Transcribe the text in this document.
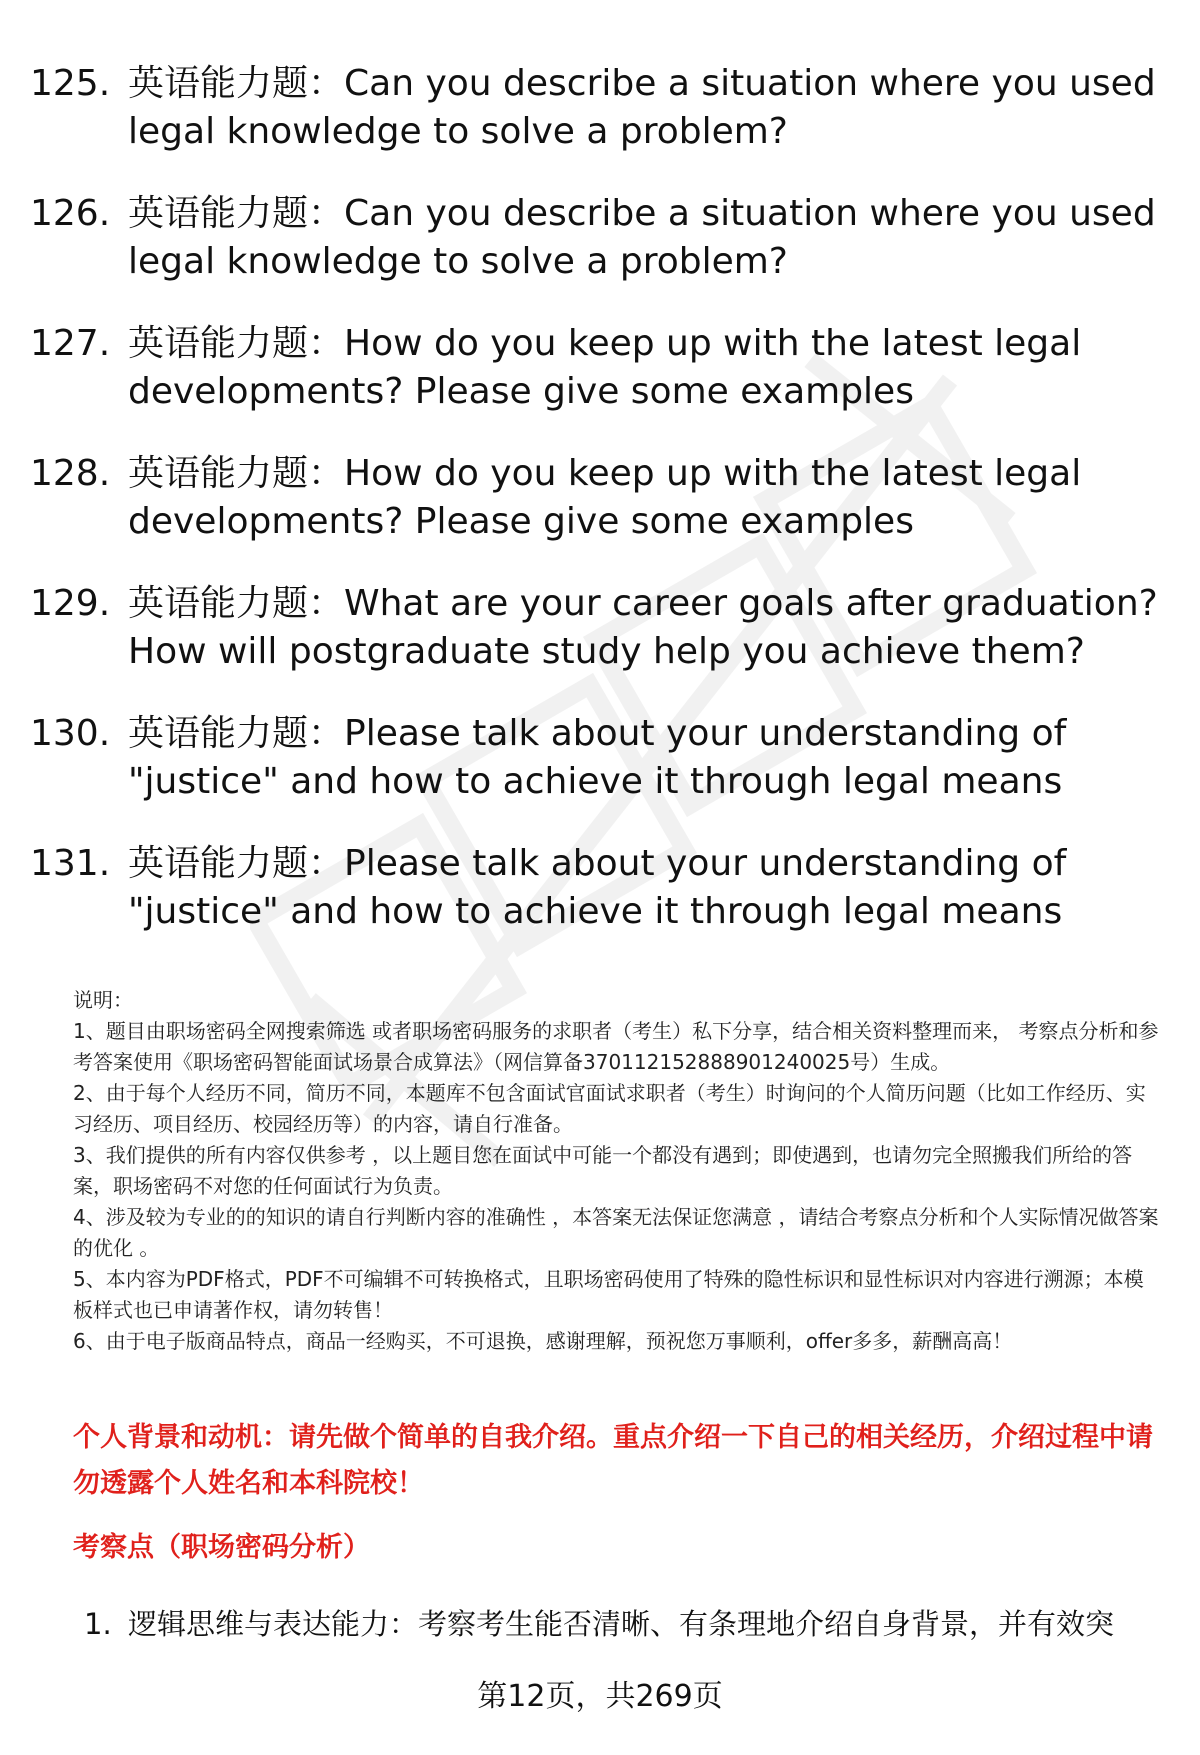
125. 英语能力题：Can you describe a situation where you used legal knowledge to solve a problem?
126. 英语能力题：Can you describe a situation where you used legal knowledge to solve a problem?
127. 英语能力题：How do you keep up with the latest legal developments? Please give some examples
128. 英语能力题：How do you keep up with the latest legal developments? Please give some examples
129. 英语能力题：What are your career goals after graduation? How will postgraduate study help you achieve them?
130. 英语能力题：Please talk about your understanding of "justice" and how to achieve it through legal means
131. 英语能力题：Please talk about your understanding of "justice" and how to achieve it through legal means

说明：

1、题目由职场密码全网搜索筛选 或者职场密码服务的求职者（考生）私下分享，结合相关资料整理而来， 考察点分析和参考答案使用《职场密码智能面试场景合成算法》（网信算备370112152888901240025号）生成。

2、由于每个人经历不同，简历不同，本题库不包含面试官面试求职者（考生）时询问的个人简历问题（比如工作经历、实习经历、项目经历、校园经历等）的内容，请自行准备。

3、我们提供的所有内容仅供参考 ，以上题目您在面试中可能一个都没有遇到；即使遇到，也请勿完全照搬我们所给的答案，职场密码不对您的任何面试行为负责。

4、涉及较为专业的的知识的请自行判断内容的准确性 ，本答案无法保证您满意 ，请结合考察点分析和个人实际情况做答案的优化 。

5、本内容为PDF格式，PDF不可编辑不可转换格式，且职场密码使用了特殊的隐性标识和显性标识对内容进行溯源；本模板样式也已申请著作权，请勿转售！

6、由于电子版商品特点，商品一经购买，不可退换，感谢理解，预祝您万事顺利，offer多多，薪酬高高！

个人背景和动机：请先做个简单的自我介绍。重点介绍一下自己的相关经历，介绍过程中请勿透露个人姓名和本科院校！
考察点（职场密码分析）
1. 逻辑思维与表达能力：考察考生能否清晰、有条理地介绍自身背景，并有效突
第12页，共269页
